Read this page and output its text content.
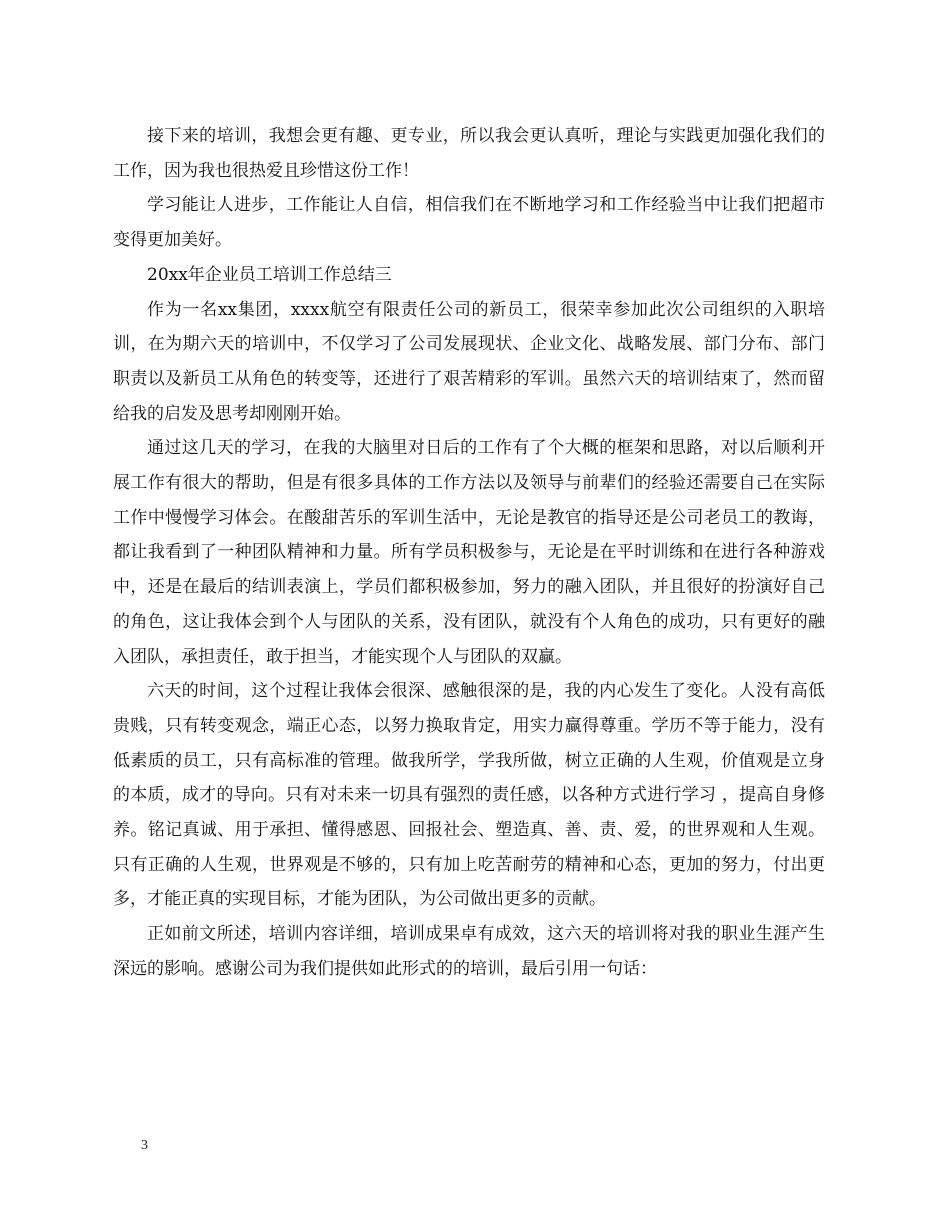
接下来的培训，我想会更有趣、更专业，所以我会更认真听，理论与实践更加强化我们的工作，因为我也很热爱且珍惜这份工作！

学习能让人进步，工作能让人自信，相信我们在不断地学习和工作经验当中让我们把超市变得更加美好。

20xx年企业员工培训工作总结三

作为一名xx集团，xxxx航空有限责任公司的新员工，很荣幸参加此次公司组织的入职培训，在为期六天的培训中，不仅学习了公司发展现状、企业文化、战略发展、部门分布、部门职责以及新员工从角色的转变等，还进行了艰苦精彩的军训。虽然六天的培训结束了，然而留给我的启发及思考却刚刚开始。

通过这几天的学习，在我的大脑里对日后的工作有了个大概的框架和思路，对以后顺利开展工作有很大的帮助，但是有很多具体的工作方法以及领导与前辈们的经验还需要自己在实际工作中慢慢学习体会。在酸甜苦乐的军训生活中，无论是教官的指导还是公司老员工的教诲，都让我看到了一种团队精神和力量。所有学员积极参与，无论是在平时训练和在进行各种游戏中，还是在最后的结训表演上，学员们都积极参加，努力的融入团队，并且很好的扮演好自己的角色，这让我体会到个人与团队的关系，没有团队，就没有个人角色的成功，只有更好的融入团队，承担责任，敢于担当，才能实现个人与团队的双赢。

六天的时间，这个过程让我体会很深、感触很深的是，我的内心发生了变化。人没有高低贵贱，只有转变观念，端正心态，以努力换取肯定，用实力赢得尊重。学历不等于能力，没有低素质的员工，只有高标准的管理。做我所学，学我所做，树立正确的人生观，价值观是立身的本质，成才的导向。只有对未来一切具有强烈的责任感，以各种方式进行学习 ，提高自身修养。铭记真诚、用于承担、懂得感恩、回报社会、塑造真、善、责、爱，的世界观和人生观。只有正确的人生观，世界观是不够的，只有加上吃苦耐劳的精神和心态，更加的努力，付出更多，才能正真的实现目标，才能为团队，为公司做出更多的贡献。

正如前文所述，培训内容详细，培训成果卓有成效，这六天的培训将对我的职业生涯产生深远的影响。感谢公司为我们提供如此形式的的培训，最后引用一句话：

3
